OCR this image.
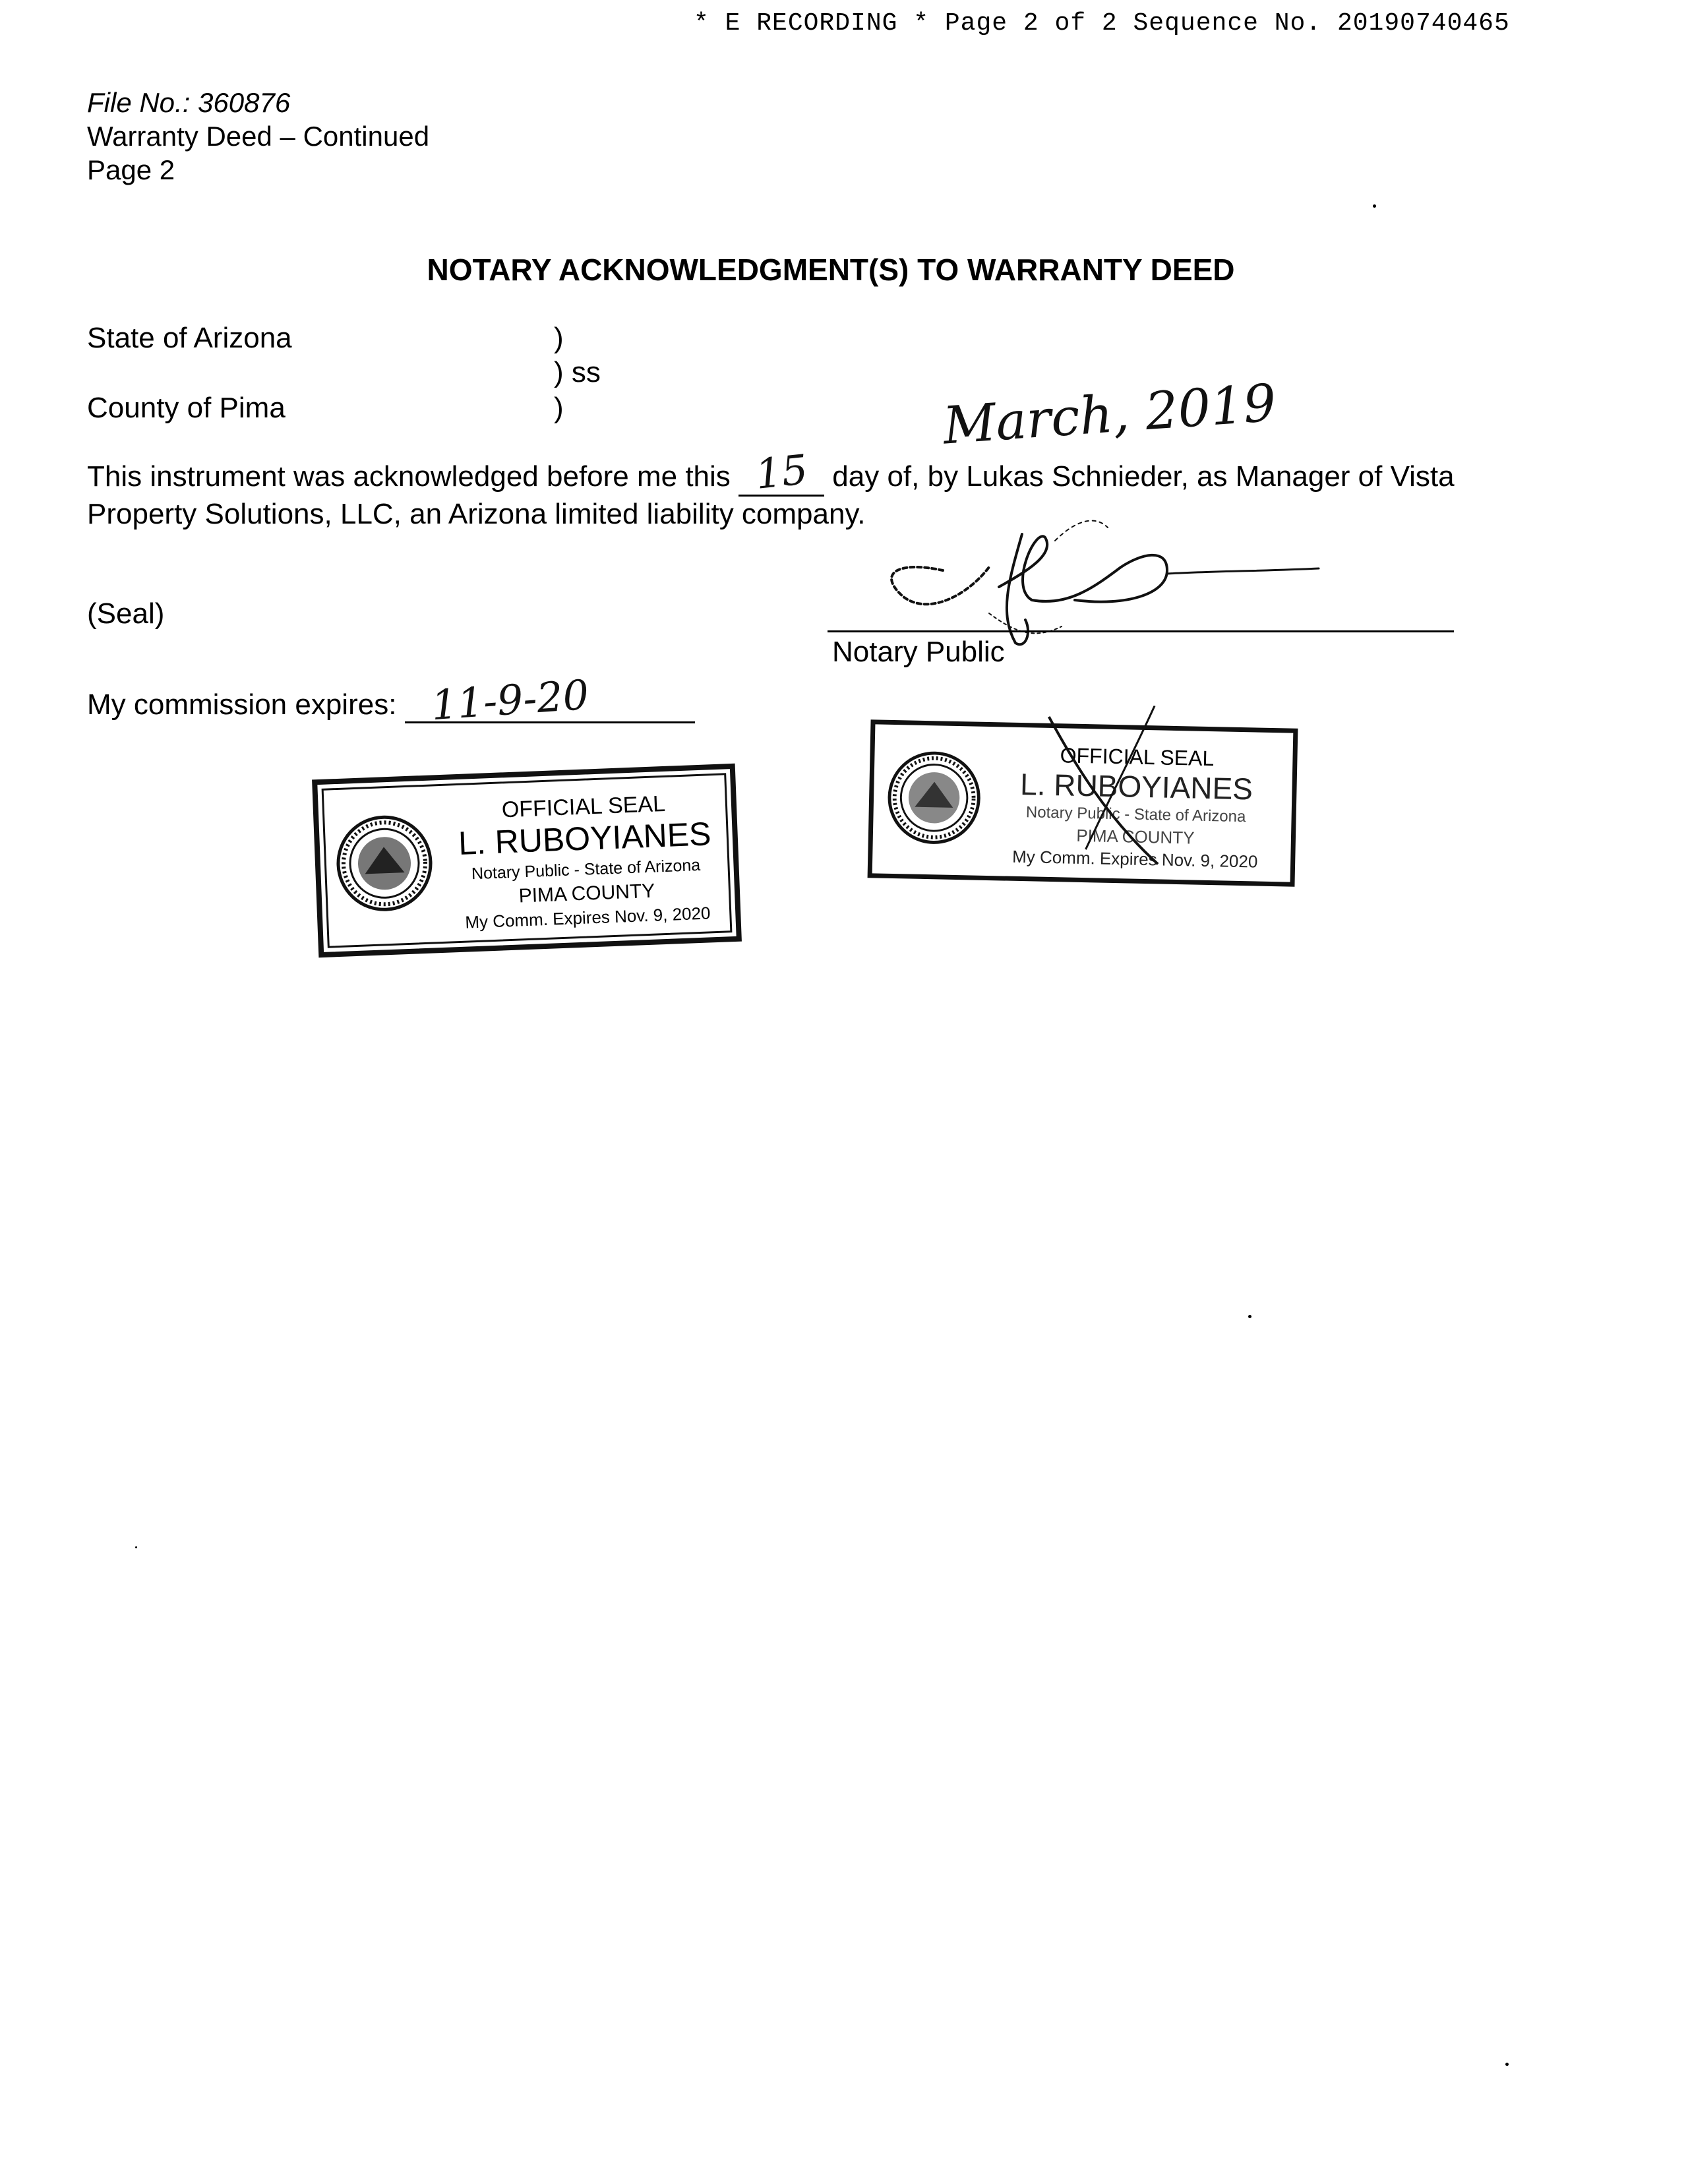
* E RECORDING * Page 2 of 2 Sequence No. 20190740465
File No.: 360876
Warranty Deed – Continued
Page 2
NOTARY ACKNOWLEDGMENT(S) TO WARRANTY DEED
State of Arizona	)
) ss
County of Pima	)	March, 2019
This instrument was acknowledged before me this 15 day of, by Lukas Schnieder, as Manager of Vista
Property Solutions, LLC, an Arizona limited liability company.
(Seal)
Notary Public
My commission expires: 11-9-20
OFFICIAL SEAL
L. RUBOYIANES
Notary Public - State of Arizona
PIMA COUNTY
My Comm. Expires Nov. 9, 2020
OFFICIAL SEAL
L. RUBOYIANES
Notary Public - State of Arizona
PIMA COUNTY
My Comm. Expires Nov. 9, 2020
